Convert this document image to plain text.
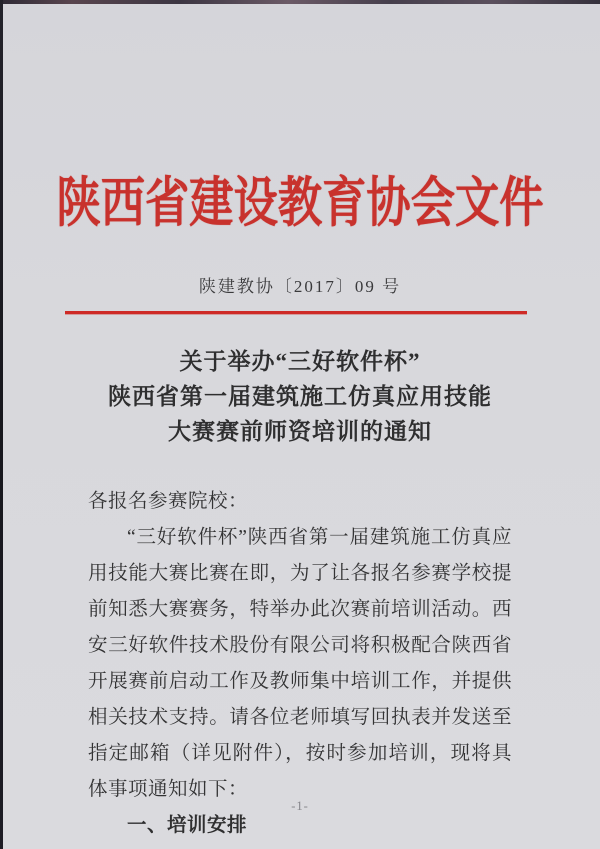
陕西省建设教育协会文件
陕建教协〔2017〕09 号
关于举办“三好软件杯”
陕西省第一届建筑施工仿真应用技能
大赛赛前师资培训的通知
各报名参赛院校：
“三好软件杯”陕西省第一届建筑施工仿真应用技能大赛比赛在即，为了让各报名参赛学校提前知悉大赛赛务，特举办此次赛前培训活动。西安三好软件技术股份有限公司将积极配合陕西省开展赛前启动工作及教师集中培训工作，并提供相关技术支持。请各位老师填写回执表并发送至指定邮箱（详见附件），按时参加培训，现将具体事项通知如下：
一、培训安排
-1-
